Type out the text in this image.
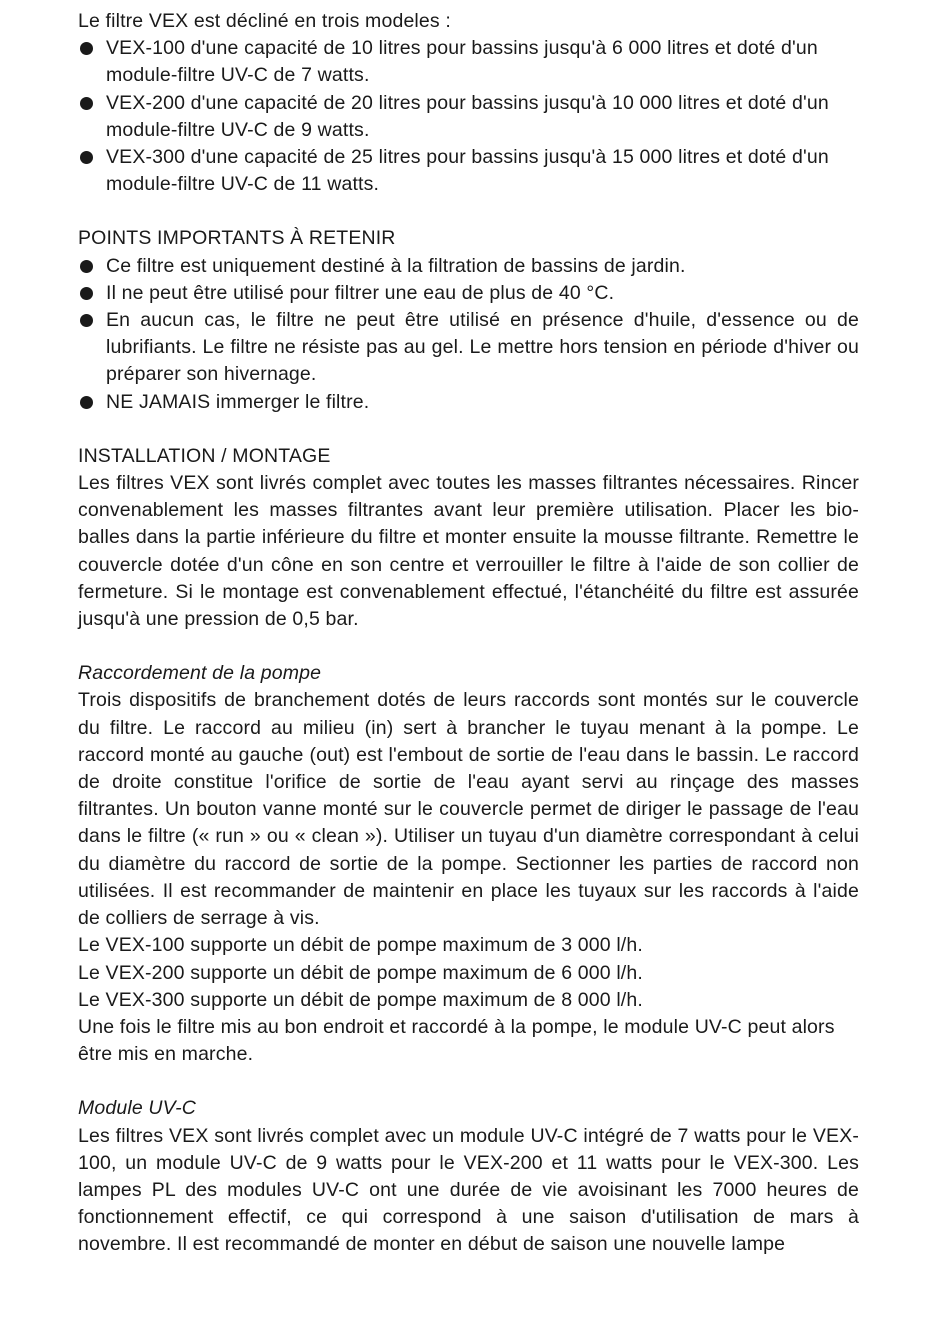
Le filtre VEX est décliné en trois modeles :

VEX-100 d'une capacité de 10 litres pour bassins jusqu'à 6 000 litres et doté d'un module-filtre UV-C de 7 watts.
VEX-200 d'une capacité de 20 litres pour bassins jusqu'à 10 000 litres et doté d'un module-filtre UV-C de 9 watts.
VEX-300 d'une capacité de 25 litres pour bassins jusqu'à 15 000 litres et doté d'un module-filtre UV-C de 11 watts.
POINTS IMPORTANTS À RETENIR
Ce filtre est uniquement destiné à la filtration de bassins de jardin.
Il ne peut être utilisé pour filtrer une eau de plus de 40 °C.
En aucun cas, le filtre ne peut être utilisé en présence d'huile, d'essence ou de lubrifiants. Le filtre ne résiste pas au gel. Le mettre hors tension en période d'hiver ou préparer son hivernage.
NE JAMAIS immerger le filtre.
INSTALLATION / MONTAGE

Les filtres VEX sont livrés complet avec toutes les masses filtrantes nécessaires. Rincer convenablement les masses filtrantes avant leur première utilisation. Placer les bio-balles dans la partie inférieure du filtre et monter ensuite la mousse filtrante. Remettre le couvercle dotée d'un cône en son centre et verrouiller le filtre à l'aide de son collier de fermeture. Si le montage est convenablement effectué, l'étanchéité du filtre est assurée jusqu'à une pression de 0,5 bar.

Raccordement de la pompe

Trois dispositifs de branchement dotés de leurs raccords sont montés sur le couvercle du filtre. Le raccord au milieu (in) sert à brancher le tuyau menant à la pompe. Le raccord monté au gauche (out) est l'embout de sortie de l'eau dans le bassin. Le raccord de droite constitue l'orifice de sortie de l'eau ayant servi au rinçage des masses filtrantes. Un bouton vanne monté sur le couvercle permet de diriger le passage de l'eau dans le filtre (« run » ou « clean »). Utiliser un tuyau d'un diamètre correspondant à celui du diamètre du raccord de sortie de la pompe. Sectionner les parties de raccord non utilisées. Il est recommander de maintenir en place les tuyaux sur les raccords à l'aide de colliers de serrage à vis.

Le VEX-100 supporte un débit de pompe maximum de 3 000 l/h.

Le VEX-200 supporte un débit de pompe maximum de 6 000 l/h.

Le VEX-300 supporte un débit de pompe maximum de 8 000 l/h.

Une fois le filtre mis au bon endroit et raccordé à la pompe, le module UV-C peut alors être mis en marche.

Module UV-C

Les filtres VEX sont livrés complet avec un module UV-C intégré de 7 watts pour le VEX-100, un module UV-C de 9 watts pour le VEX-200 et 11 watts pour le VEX-300. Les lampes PL des modules UV-C ont une durée de vie avoisinant les 7000 heures de fonctionnement effectif, ce qui correspond à une saison d'utilisation de mars à novembre. Il est recommandé de monter en début de saison une nouvelle lampe
